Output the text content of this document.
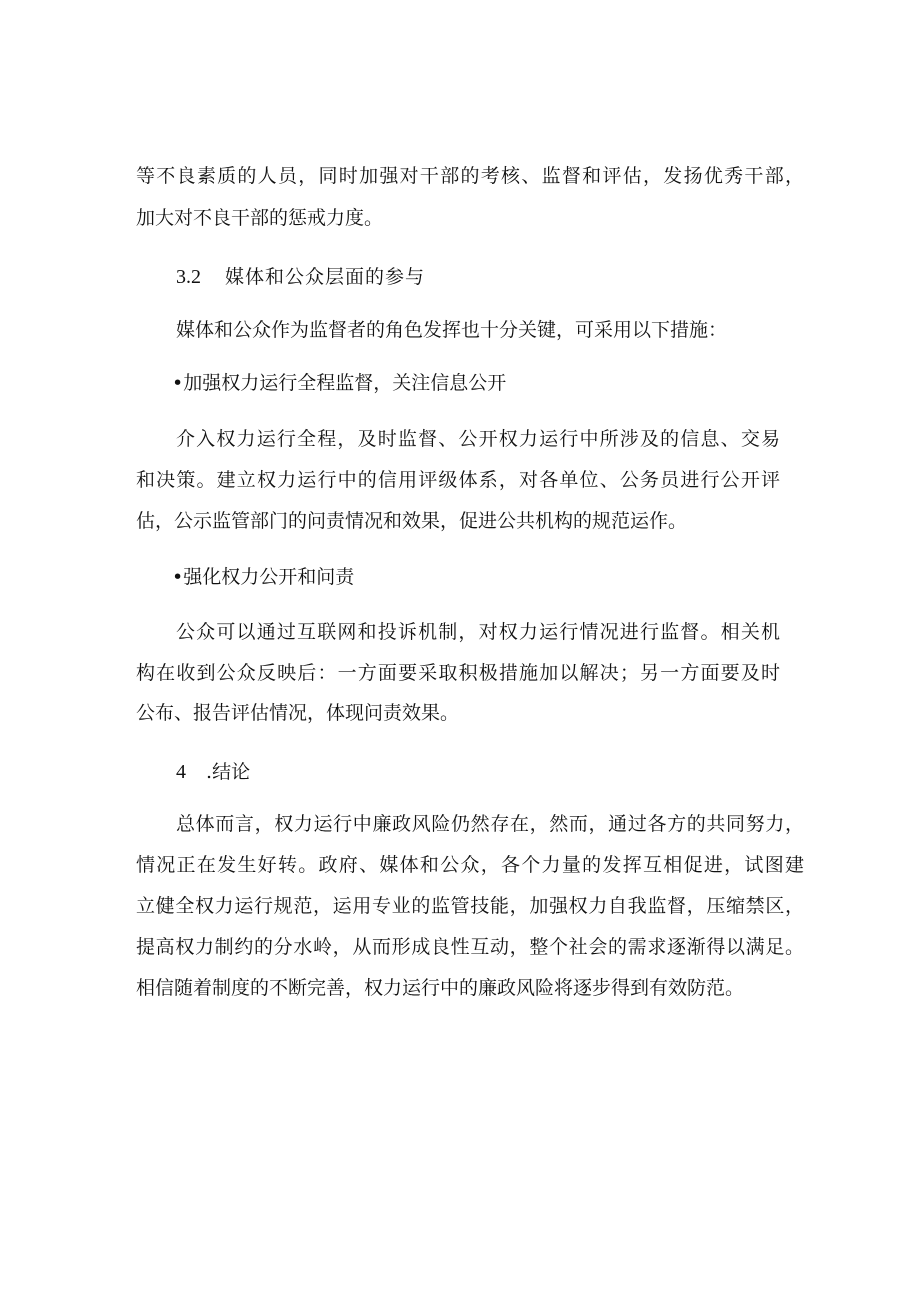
等不良素质的人员，同时加强对干部的考核、监督和评估，发扬优秀干部，

加大对不良干部的惩戒力度。

3.2 媒体和公众层面的参与

媒体和公众作为监督者的角色发挥也十分关键，可采用以下措施：

•加强权力运行全程监督，关注信息公开

介入权力运行全程，及时监督、公开权力运行中所涉及的信息、交易

和决策。建立权力运行中的信用评级体系，对各单位、公务员进行公开评

估，公示监管部门的问责情况和效果，促进公共机构的规范运作。

•强化权力公开和问责

公众可以通过互联网和投诉机制，对权力运行情况进行监督。相关机

构在收到公众反映后：一方面要采取积极措施加以解决；另一方面要及时

公布、报告评估情况，体现问责效果。

4 .结论

总体而言，权力运行中廉政风险仍然存在，然而，通过各方的共同努力，

情况正在发生好转。政府、媒体和公众，各个力量的发挥互相促进，试图建

立健全权力运行规范，运用专业的监管技能，加强权力自我监督，压缩禁区，

提高权力制约的分水岭，从而形成良性互动，整个社会的需求逐渐得以满足。

相信随着制度的不断完善，权力运行中的廉政风险将逐步得到有效防范。
